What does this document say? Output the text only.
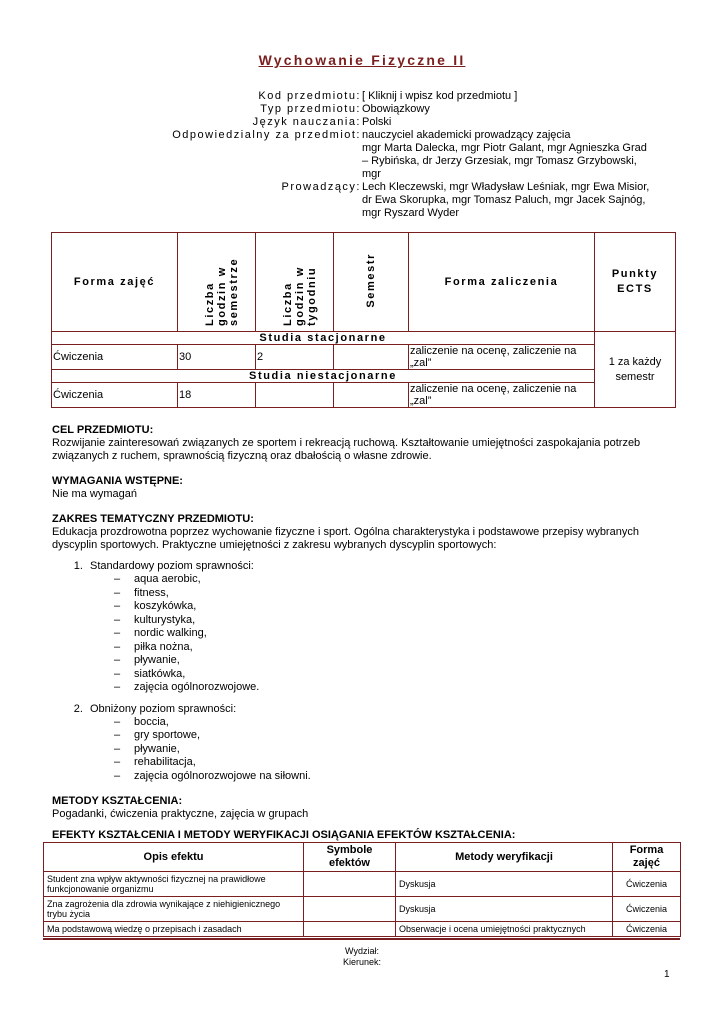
Wychowanie Fizyczne II
Kod przedmiotu: [ Kliknij i wpisz kod przedmiotu ]
Typ przedmiotu: Obowiązkowy
Język nauczania: Polski
Odpowiedzialny za przedmiot: nauczyciel akademicki prowadzący zajęcia
mgr Marta Dalecka, mgr Piotr Galant, mgr Agnieszka Grad – Rybińska, dr Jerzy Grzesiak, mgr Tomasz Grzybowski, mgr
Prowadzący: Lech Kleczewski, mgr Władysław Leśniak, mgr Ewa Misior, dr Ewa Skorupka, mgr Tomasz Paluch, mgr Jacek Sajnóg, mgr Ryszard Wyder
Forma zajęć	Liczba godzin w semestrze	Liczba godzin w tygodniu	Semestr	Forma zaliczenia	Punkty ECTS
Studia stacjonarne					1 za każdy semestr
Ćwiczenia	30	2		zaliczenie na ocenę, zaliczenie na „zal”	
Studia niestacjonarne					
Ćwiczenia	18			zaliczenie na ocenę, zaliczenie na „zal”	
CEL PRZEDMIOTU:
Rozwijanie zainteresowań związanych ze sportem i rekreacją ruchową. Kształtowanie umiejętności zaspokajania potrzeb związanych z ruchem, sprawnością fizyczną oraz dbałością o własne zdrowie.
WYMAGANIA WSTĘPNE:
Nie ma wymagań
ZAKRES TEMATYCZNY PRZEDMIOTU:
Edukacja prozdrowotna poprzez wychowanie fizyczne i sport. Ogólna charakterystyka i podstawowe przepisy wybranych dyscyplin sportowych. Praktyczne umiejętności z zakresu wybranych dyscyplin sportowych:
1. Standardowy poziom sprawności:
– aqua aerobic,
– fitness,
– koszykówka,
– kulturystyka,
– nordic walking,
– piłka nożna,
– pływanie,
– siatkówka,
– zajęcia ogólnorozwojowe.
2. Obniżony poziom sprawności:
– boccia,
– gry sportowe,
– pływanie,
– rehabilitacja,
– zajęcia ogólnorozwojowe na siłowni.
METODY KSZTAŁCENIA:
Pogadanki, ćwiczenia praktyczne, zajęcia w grupach
EFEKTY KSZTAŁCENIA I METODY WERYFIKACJI OSIĄGANIA EFEKTÓW KSZTAŁCENIA:
Opis efektu	Symbole efektów	Metody weryfikacji	Forma zajęć
Student zna wpływ aktywności fizycznej na prawidłowe funkcjonowanie organizmu		Dyskusja	Ćwiczenia
Zna zagrożenia dla zdrowia wynikające z niehigienicznego trybu życia		Dyskusja	Ćwiczenia
Ma podstawową wiedzę o przepisach i zasadach		Obserwacje i ocena umiejętności praktycznych	Ćwiczenia
Wydział:
Kierunek:
1
